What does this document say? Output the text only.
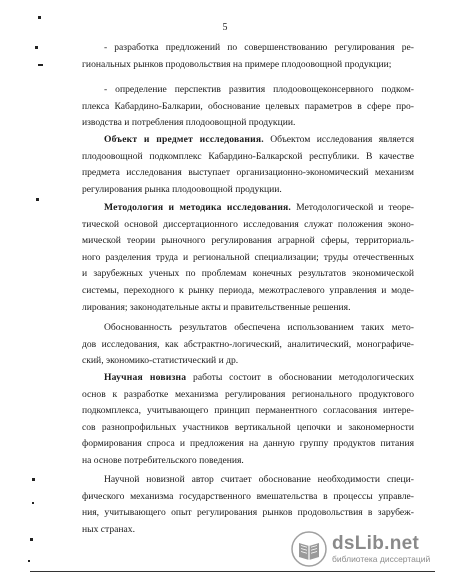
5
- разработка предложений по совершенствованию регулирования ре-
гиональных рынков продовольствия на примере плодоовощной продукции;
- определение перспектив развития плодоовощеконсервного подком-
плекса Кабардино-Балкарии, обоснование целевых параметров в сфере про-
изводства и потребления плодоовощной продукции.
Объект и предмет исследования. Объектом исследования является
плодоовощной подкомплекс Кабардино-Балкарской республики. В качестве
предмета исследования выступает организационно-экономический механизм
регулирования рынка плодоовощной продукции.
Методология и методика исследования. Методологической и теоре-
тической основой диссертационного исследования служат положения эконо-
мической теории рыночного регулирования аграрной сферы, территориаль-
ного разделения труда и региональной специализации; труды отечественных
и зарубежных ученых по проблемам конечных результатов экономической
системы, переходного к рынку периода, межотраслевого управления и моде-
лирования; законодательные акты и правительственные решения.
Обоснованность результатов обеспечена использованием таких мето-
дов исследования, как абстрактно-логический, аналитический, монографиче-
ский, экономико-статистический и др.
Научная новизна работы состоит в обосновании методологических
основ к разработке механизма регулирования регионального продуктового
подкомплекса, учитывающего принцип перманентного согласования интере-
сов разнопрофильных участников вертикальной цепочки и закономерности
формирования спроса и предложения на данную группу продуктов питания
на основе потребительского поведения.
Научной новизной автор считает обоснование необходимости специ-
фического механизма государственного вмешательства в процессы управле-
ния, учитывающего опыт регулирования рынков продовольствия в зарубеж-
ных странах.
dsLib.net
библиотека диссертаций
